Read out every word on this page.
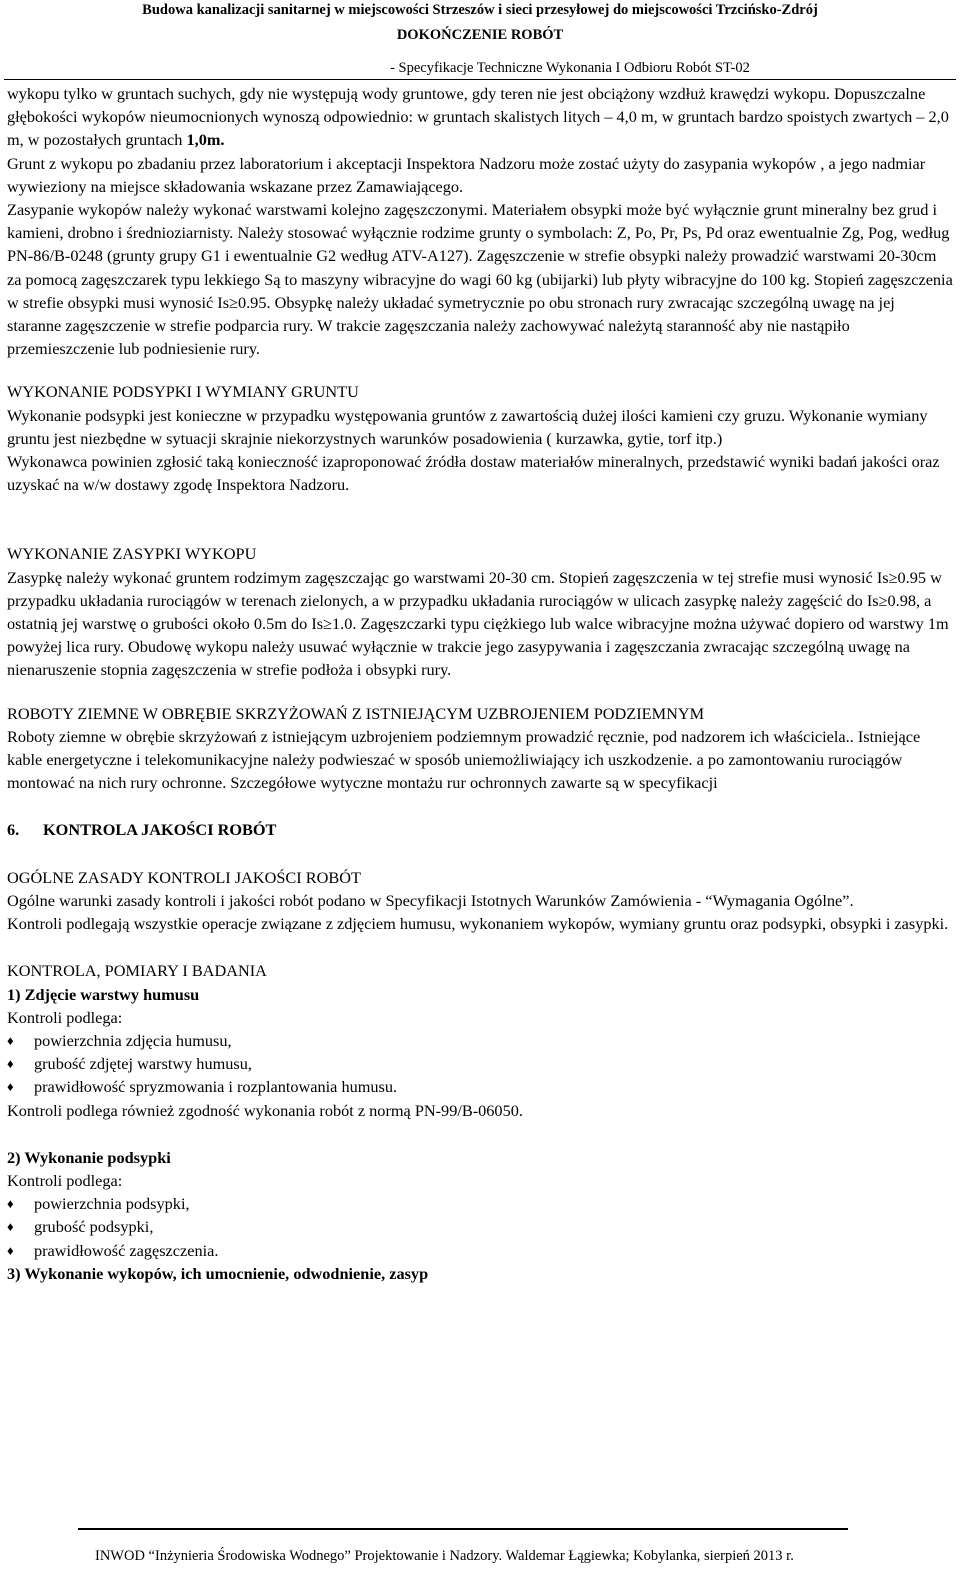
Budowa kanalizacji sanitarnej w miejscowości Strzeszów i sieci przesyłowej do miejscowości Trzcińsko-Zdrój
DOKOŃCZENIE ROBÓT
- Specyfikacje Techniczne Wykonania I Odbioru Robót ST-02

wykopu tylko w gruntach suchych, gdy nie występują wody gruntowe, gdy teren nie jest obciążony wzdłuż krawędzi wykopu. Dopuszczalne głębokości wykopów nieumocnionych wynoszą odpowiednio: w gruntach skalistych litych – 4,0 m, w gruntach bardzo spoistych zwartych – 2,0 m, w pozostałych gruntach 1,0m.

Grunt z wykopu po zbadaniu przez laboratorium i akceptacji Inspektora Nadzoru może zostać użyty do zasypania wykopów , a jego nadmiar wywieziony na miejsce składowania wskazane przez Zamawiającego.

Zasypanie wykopów należy wykonać warstwami kolejno zagęszczonymi. Materiałem obsypki może być wyłącznie grunt mineralny bez grud i kamieni, drobno i średnioziarnisty. Należy stosować wyłącznie rodzime grunty o symbolach: Z, Po, Pr, Ps, Pd oraz ewentualnie Zg, Pog, według PN-86/B-0248 (grunty grupy G1 i ewentualnie G2 według ATV-A127). Zagęszczenie w strefie obsypki należy prowadzić warstwami 20-30cm za pomocą zagęszczarek typu lekkiego Są to maszyny wibracyjne do wagi 60 kg (ubijarki) lub płyty wibracyjne do 100 kg. Stopień zagęszczenia w strefie obsypki musi wynosić Is≥0.95. Obsypkę należy układać symetrycznie po obu stronach rury zwracając szczególną uwagę na jej staranne zagęszczenie w strefie podparcia rury. W trakcie zagęszczania należy zachowywać należytą staranność aby nie nastąpiło przemieszczenie lub podniesienie rury.

WYKONANIE PODSYPKI I WYMIANY GRUNTU

Wykonanie podsypki jest konieczne w przypadku występowania gruntów z zawartością dużej ilości kamieni czy gruzu. Wykonanie wymiany gruntu jest niezbędne w sytuacji skrajnie niekorzystnych warunków posadowienia ( kurzawka, gytie, torf itp.)

Wykonawca powinien zgłosić taką konieczność izaproponować źródła dostaw materiałów mineralnych, przedstawić wyniki badań jakości oraz uzyskać na w/w dostawy zgodę Inspektora Nadzoru.

WYKONANIE ZASYPKI WYKOPU

Zasypkę należy wykonać gruntem rodzimym zagęszczając go warstwami 20-30 cm. Stopień zagęszczenia w tej strefie musi wynosić Is≥0.95 w przypadku układania rurociągów w terenach zielonych, a w przypadku układania rurociągów w ulicach zasypkę należy zagęścić do Is≥0.98, a ostatnią jej warstwę o grubości około 0.5m do Is≥1.0. Zagęszczarki typu ciężkiego lub walce wibracyjne można używać dopiero od warstwy 1m powyżej lica rury. Obudowę wykopu należy usuwać wyłącznie w trakcie jego zasypywania i zagęszczania zwracając szczególną uwagę na nienaruszenie stopnia zagęszczenia w strefie podłoża i obsypki rury.

ROBOTY ZIEMNE W OBRĘBIE SKRZYŻOWAŃ Z ISTNIEJĄCYM UZBROJENIEM PODZIEMNYM

Roboty ziemne w obrębie skrzyżowań z istniejącym uzbrojeniem podziemnym prowadzić ręcznie, pod nadzorem ich właściciela.. Istniejące kable energetyczne i telekomunikacyjne należy podwieszać w sposób uniemożliwiający ich uszkodzenie. a po zamontowaniu rurociągów montować na nich rury ochronne. Szczegółowe wytyczne montażu rur ochronnych zawarte są w specyfikacji

6. KONTROLA JAKOŚCI ROBÓT

OGÓLNE ZASADY KONTROLI JAKOŚCI ROBÓT

Ogólne warunki zasady kontroli i jakości robót podano w Specyfikacji Istotnych Warunków Zamówienia - “Wymagania Ogólne”.

Kontroli podlegają wszystkie operacje związane z zdjęciem humusu, wykonaniem wykopów, wymiany gruntu oraz podsypki, obsypki i zasypki.

KONTROLA, POMIARY I BADANIA

1) Zdjęcie warstwy humusu

Kontroli podlega:

♦ powierzchnia zdjęcia humusu,
♦ grubość zdjętej warstwy humusu,
♦ prawidłowość spryzmowania i rozplantowania humusu.

Kontroli podlega również zgodność wykonania robót z normą PN-99/B-06050.

2) Wykonanie podsypki

Kontroli podlega:

♦ powierzchnia podsypki,
♦ grubość podsypki,
♦ prawidłowość zagęszczenia.

3) Wykonanie wykopów, ich umocnienie, odwodnienie, zasyp

INWOD “Inżynieria Środowiska Wodnego” Projektowanie i Nadzory. Waldemar Łągiewka; Kobylanka, sierpień 2013 r.
